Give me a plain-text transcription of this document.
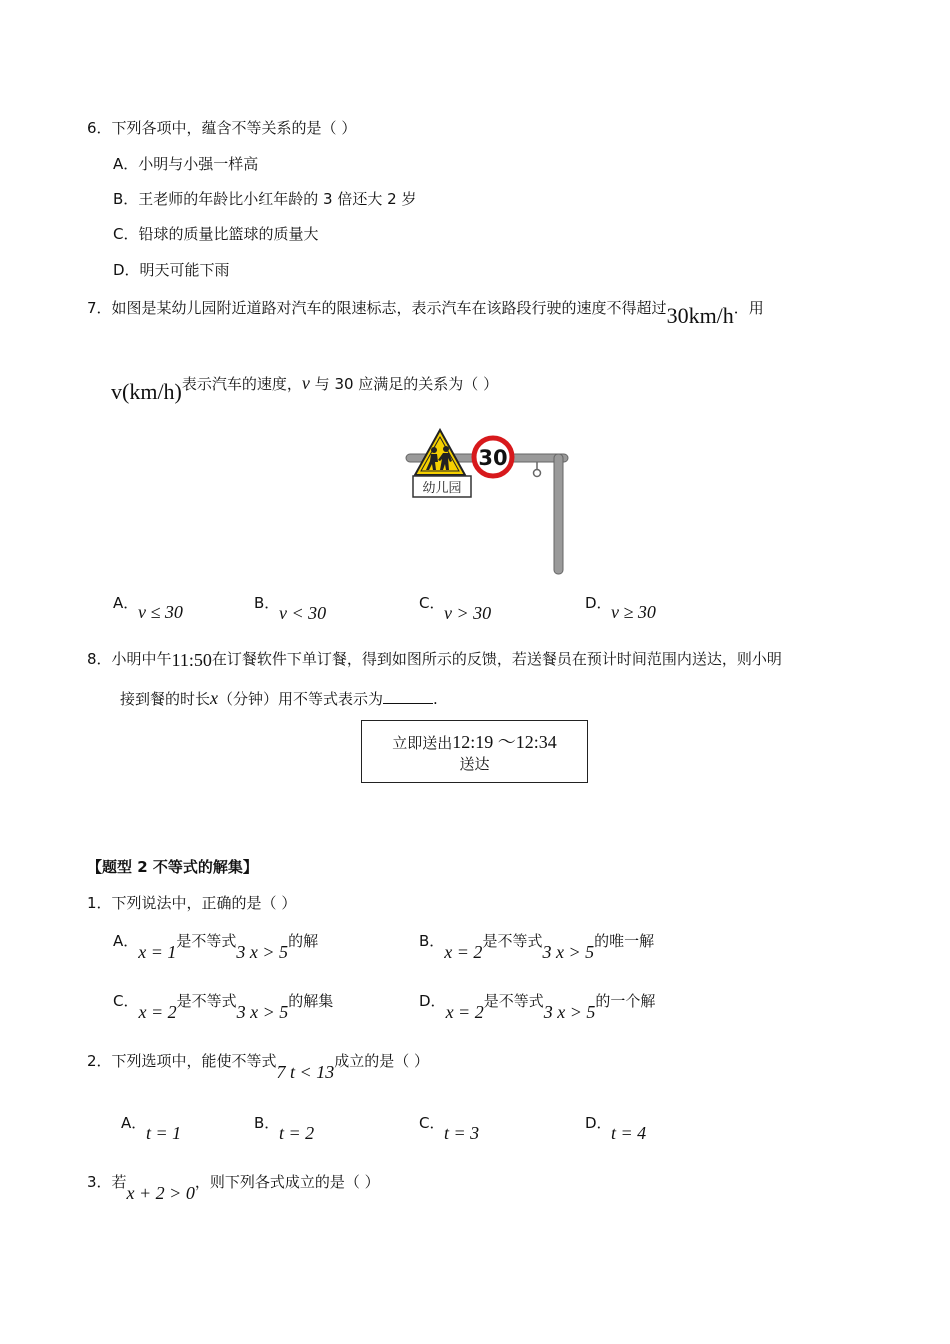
6．下列各项中，蕴含不等关系的是（ ）
A．小明与小强一样高
B．王老师的年龄比小红年龄的 3 倍还大 2 岁
C．铅球的质量比篮球的质量大
D．明天可能下雨
7．如图是某幼儿园附近道路对汽车的限速标志，表示汽车在该路段行驶的速度不得超过30km/h．用
v(km/h)表示汽车的速度，v 与 30 应满足的关系为（ ）
幼儿园
30
A． v ≤ 30	B． v < 30	C． v > 30	D． v ≥ 30
8．小明中午11:50在订餐软件下单订餐，得到如图所示的反馈，若送餐员在预计时间范围内送达，则小明
接到餐的时长x（分钟）用不等式表示为	.
立即送出12:19 ～12:34
送达
【题型 2 不等式的解集】
1．下列说法中，正确的是（ ）
A．x = 1是不等式3 x > 5的解	B．x = 2是不等式3 x > 5的唯一解
C．x = 2是不等式3 x > 5的解集	D．x = 2是不等式3 x > 5的一个解
2．下列选项中，能使不等式7 t < 13成立的是（ ）
A． t = 1	B． t = 2	C． t = 3	D． t = 4
3．若x + 2 > 0，则下列各式成立的是（ ）
